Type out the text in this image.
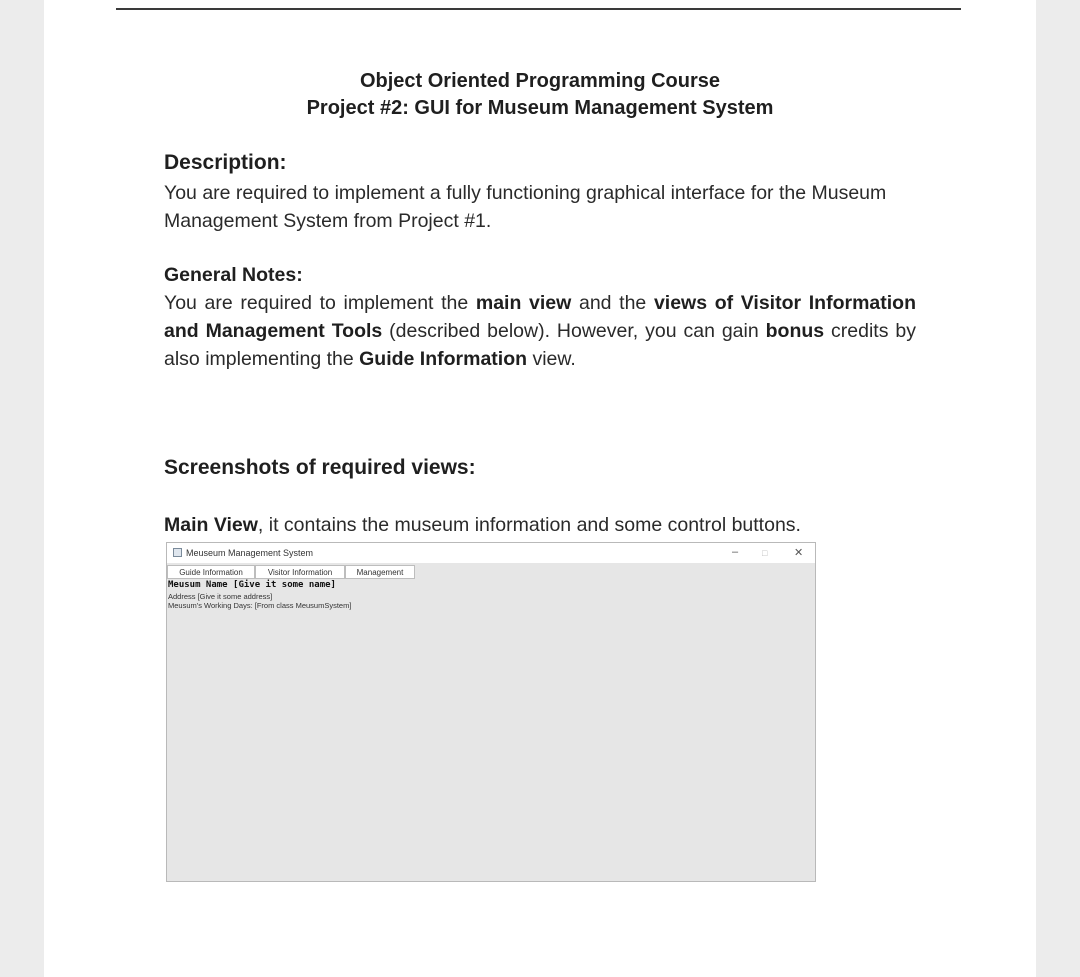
Object Oriented Programming Course
Project #2: GUI for Museum Management System
Description:
You are required to implement a fully functioning graphical interface for the Museum Management System from Project #1.
General Notes:
You are required to implement the main view and the views of Visitor Information and Management Tools (described below). However, you can gain bonus credits by also implementing the Guide Information view.
Screenshots of required views:
Main View, it contains the museum information and some control buttons.
Meuseum Management System	–	□ ✕
Guide Information	Visitor Information	Management
Meusum Name [Give it some name]
Address [Give it some address]
Meusum's Working Days: [From class MeusumSystem]
